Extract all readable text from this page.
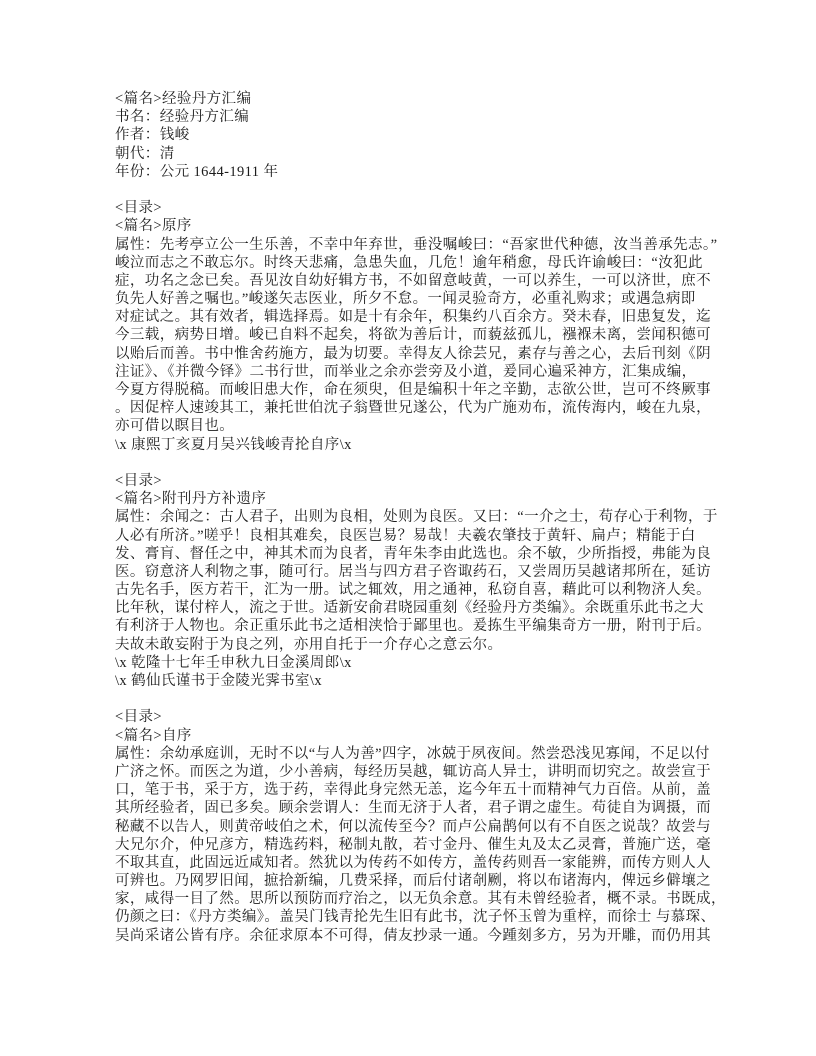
<篇名>经验丹方汇编
书名：经验丹方汇编
作者：钱峻
朝代：清
年份：公元 1644-1911 年
<目录>
<篇名>原序
属性：先考亭立公一生乐善，不幸中年弃世，垂没嘱峻曰：“吾家世代种德，汝当善承先志。”
峻泣而志之不敢忘尔。时终天悲痛，急患失血，几危！逾年稍愈，母氏许谕峻曰：“汝犯此
症，功名之念已矣。吾见汝自幼好辑方书，不如留意岐黄，一可以养生，一可以济世，庶不
负先人好善之嘱也。”峻遂矢志医业，所夕不怠。一闻灵验奇方，必重礼购求；或遇急病即
对症试之。其有效者，辑选择焉。如是十有余年，积集约八百余方。癸未春，旧患复发，迄
今三载，病势日增。峻已自料不起矣，将欲为善后计，而藐兹孤儿，襁褓未离，尝闻积德可
以贻后而善。书中惟舍药施方，最为切要。幸得友人徐芸兄，素存与善之心，去后刊刻《阴
注证》、《并微今铎》二书行世，而举业之余亦尝旁及小道，爰同心遍采神方，汇集成编，
今夏方得脱稿。而峻旧患大作，命在须臾，但是编积十年之辛勤，志欲公世，岂可不终厥事
。因促梓人速竣其工，兼托世伯沈子翁暨世兄遂公，代为广施劝布，流传海内，峻在九泉，
亦可借以瞑目也。
\x 康熙丁亥夏月吴兴钱峻青抡自序\x
<目录>
<篇名>附刊丹方补遗序
属性：余闻之：古人君子，出则为良相，处则为良医。又曰：“一介之士，苟存心于利物，于
人必有所济。”嗟乎！良相其难矣，良医岂易？易哉！夫羲农肇技于黄轩、扁卢；精能于白
发、膏肓、督任之中，神其术而为良者，青年朱李由此选也。余不敏，少所指授，弗能为良
医。窃意济人利物之事，随可行。居当与四方君子咨诹药石，又尝周历吴越诸邦所在，延访
古先名手，医方若干，汇为一册。试之辄效，用之通神，私窃自喜，藉此可以利物济人矣。
比年秋，谋付梓人，流之于世。适新安俞君晓园重刻《经验丹方类编》。余既重乐此书之大
有利济于人物也。余正重乐此书之适相浃恰于鄙里也。爰拣生平编集奇方一册，附刊于后。
夫故未敢妄附于为良之列，亦用自托于一介存心之意云尔。
\x 乾隆十七年壬申秋九日金溪周郎\x
\x 鹤仙氏谨书于金陵光霁书室\x
<目录>
<篇名>自序
属性：余幼承庭训，无时不以“与人为善”四字，冰兢于夙夜间。然尝恐浅见寡闻，不足以付
广济之怀。而医之为道，少小善病，每经历吴越，辄访高人异士，讲明而切究之。故尝宣于
口，笔于书，采于方，选于药，幸得此身完然无恙，迄今年五十而精神气力百倍。从前，盖
其所经验者，固已多矣。顾余尝谓人：生而无济于人者，君子谓之虚生。苟徒自为调摄，而
秘藏不以告人，则黄帝岐伯之术，何以流传至今？而卢公扁鹊何以有不自医之说哉？故尝与
大兄尔介，仲兄彦方，精选药料，秘制丸散，若寸金丹、催生丸及太乙灵膏，普施广送，毫
不取其直，此固远近咸知者。然犹以为传药不如传方，盖传药则吾一家能辨，而传方则人人
可辨也。乃网罗旧闻，摭拾新编，几费采择，而后付诸剞劂，将以布诸海内，俾远乡僻壤之
家，咸得一目了然。思所以预防而疗治之，以无负余意。其有未曾经验者，概不录。书既成，
仍颜之曰：《丹方类编》。盖吴门钱青抡先生旧有此书，沈子怀玉曾为重梓，而徐士 与慕琛、
吴尚采诸公皆有序。余征求原本不可得，倩友抄录一通。今踵刻多方，另为开雕，而仍用其
